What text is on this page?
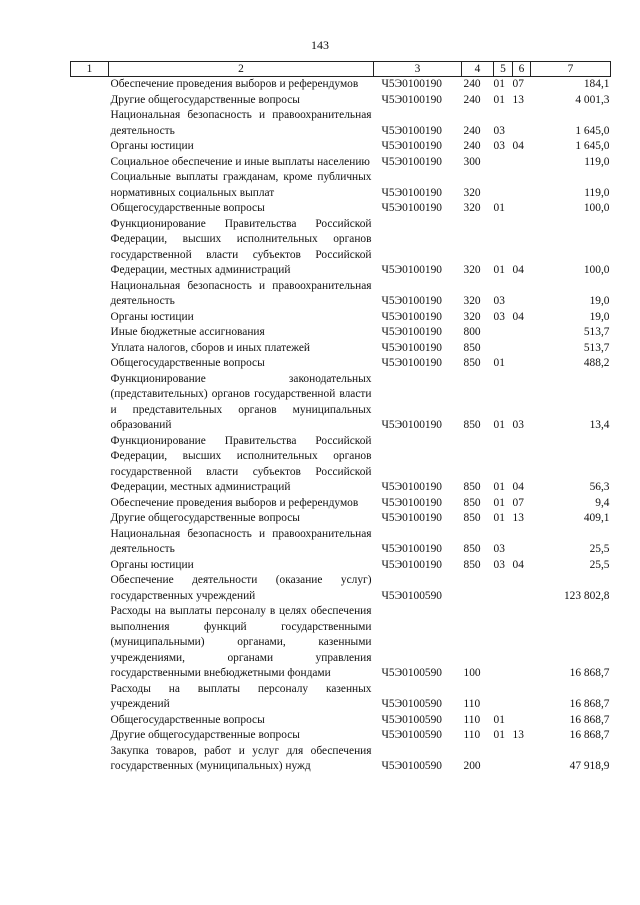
143
1	2	3	4	5	6	7
	Обеспечение проведения выборов и референдумов	Ч5Э0100190	240	01	07	184,1
	Другие общегосударственные вопросы	Ч5Э0100190	240	01	13	4 001,3
	Национальная безопасность и правоохранительная деятельность	Ч5Э0100190	240	03		1 645,0
	Органы юстиции	Ч5Э0100190	240	03	04	1 645,0
	Социальное обеспечение и иные выплаты населению	Ч5Э0100190	300			119,0
	Социальные выплаты гражданам, кроме публичных нормативных социальных выплат	Ч5Э0100190	320			119,0
	Общегосударственные вопросы	Ч5Э0100190	320	01		100,0
	Функционирование Правительства Российской Федерации, высших исполнительных органов государственной власти субъектов Российской Федерации, местных администраций	Ч5Э0100190	320	01	04	100,0
	Национальная безопасность и правоохранительная деятельность	Ч5Э0100190	320	03		19,0
	Органы юстиции	Ч5Э0100190	320	03	04	19,0
	Иные бюджетные ассигнования	Ч5Э0100190	800			513,7
	Уплата налогов, сборов и иных платежей	Ч5Э0100190	850			513,7
	Общегосударственные вопросы	Ч5Э0100190	850	01		488,2
	Функционирование законодательных (представительных) органов государственной власти и представительных органов муниципальных образований	Ч5Э0100190	850	01	03	13,4
	Функционирование Правительства Российской Федерации, высших исполнительных органов государственной власти субъектов Российской Федерации, местных администраций	Ч5Э0100190	850	01	04	56,3
	Обеспечение проведения выборов и референдумов	Ч5Э0100190	850	01	07	9,4
	Другие общегосударственные вопросы	Ч5Э0100190	850	01	13	409,1
	Национальная безопасность и правоохранительная деятельность	Ч5Э0100190	850	03		25,5
	Органы юстиции	Ч5Э0100190	850	03	04	25,5
	Обеспечение деятельности (оказание услуг) государственных учреждений	Ч5Э0100590				123 802,8
	Расходы на выплаты персоналу в целях обеспечения выполнения функций государственными (муниципальными) органами, казенными учреждениями, органами управления государственными внебюджетными фондами	Ч5Э0100590	100			16 868,7
	Расходы на выплаты персоналу казенных учреждений	Ч5Э0100590	110			16 868,7
	Общегосударственные вопросы	Ч5Э0100590	110	01		16 868,7
	Другие общегосударственные вопросы	Ч5Э0100590	110	01	13	16 868,7
	Закупка товаров, работ и услуг для обеспечения государственных (муниципальных) нужд	Ч5Э0100590	200			47 918,9
